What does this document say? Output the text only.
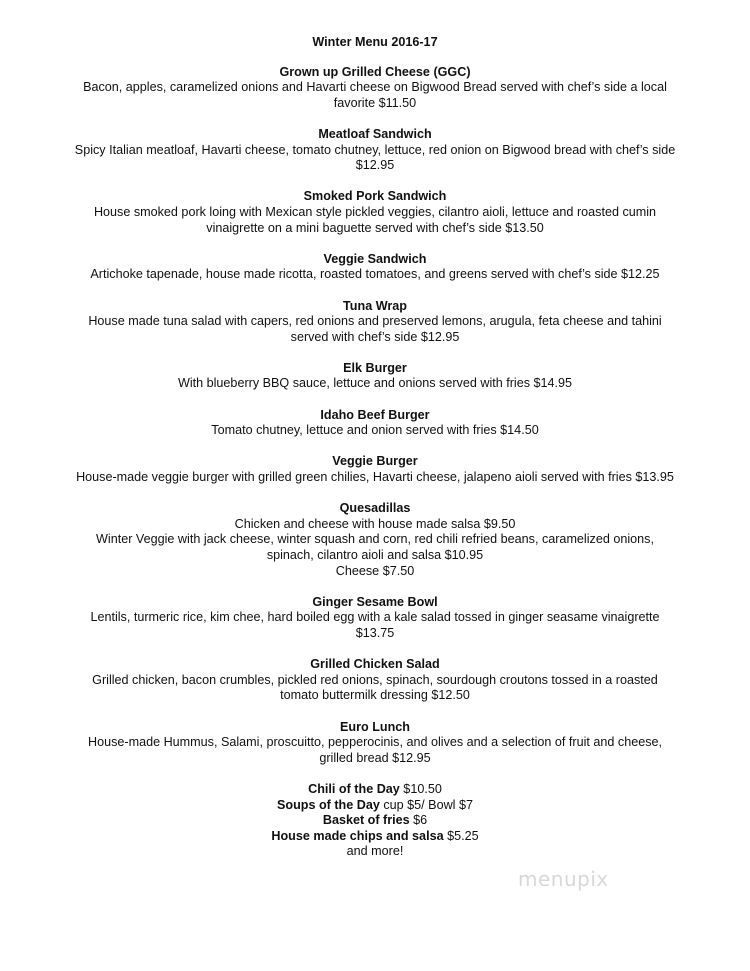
Winter Menu 2016-17
Grown up Grilled Cheese (GGC)
Bacon, apples, caramelized onions and Havarti cheese on Bigwood Bread served with chef’s side a local
favorite $11.50
Meatloaf Sandwich
Spicy Italian meatloaf, Havarti cheese, tomato chutney, lettuce, red onion on Bigwood bread with chef’s side
$12.95
Smoked Pork Sandwich
House smoked pork loing with Mexican style pickled veggies, cilantro aioli, lettuce and roasted cumin
vinaigrette on a mini baguette served with chef’s side $13.50
Veggie Sandwich
Artichoke tapenade, house made ricotta, roasted tomatoes, and greens served with chef’s side $12.25
Tuna Wrap
House made tuna salad with capers, red onions and preserved lemons, arugula, feta cheese and tahini
served with chef’s side $12.95
Elk Burger
With blueberry BBQ sauce, lettuce and onions served with fries $14.95
Idaho Beef Burger
Tomato chutney, lettuce and onion served with fries $14.50
Veggie Burger
House-made veggie burger with grilled green chilies, Havarti cheese, jalapeno aioli served with fries $13.95
Quesadillas
Chicken and cheese with house made salsa $9.50
Winter Veggie with jack cheese, winter squash and corn, red chili refried beans, caramelized onions,
spinach, cilantro aioli and salsa $10.95
Cheese $7.50
Ginger Sesame Bowl
Lentils, turmeric rice, kim chee, hard boiled egg with a kale salad tossed in ginger seasame vinaigrette
$13.75
Grilled Chicken Salad
Grilled chicken, bacon crumbles, pickled red onions, spinach, sourdough croutons tossed in a roasted
tomato buttermilk dressing $12.50
Euro Lunch
House-made Hummus, Salami, proscuitto, pepperocinis, and olives and a selection of fruit and cheese,
grilled bread $12.95
Chili of the Day $10.50
Soups of the Day cup $5/ Bowl $7
Basket of fries $6
House made chips and salsa $5.25
and more!
menupix
